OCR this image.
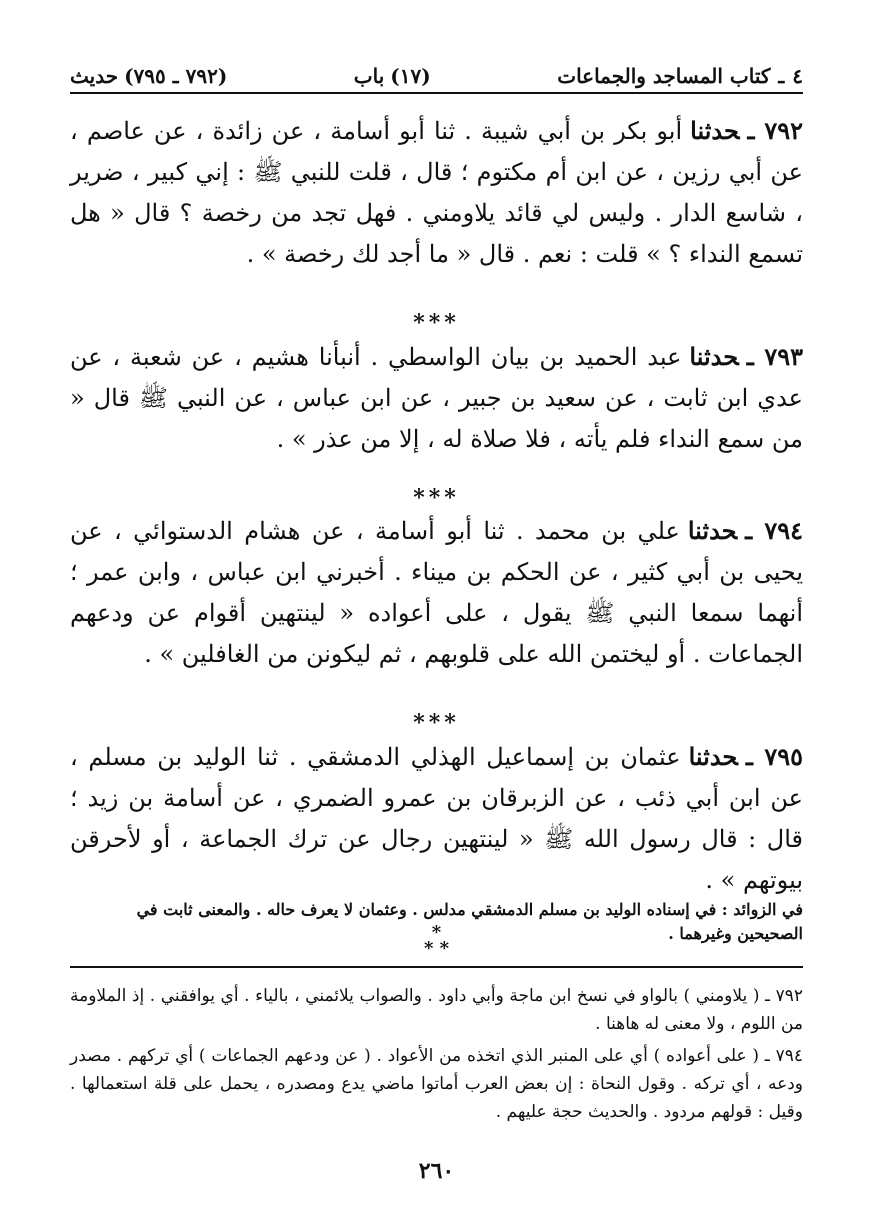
٤
ـ
كتاب المساجد والجماعات
(١٧)
باب
(٧٩٢ ـ ٧٩٥)
حديث
٧٩٢ ـحدثناأبو بكر بن أبي شيبة . ثنا أبو أسامة ، عن زائدة ، عن عاصم ، عن أبي رزين ، عن ابن أم مكتوم ؛ قال ، قلت للنبي ﷺ : إني كبير ، ضرير ، شاسع الدار . وليس لي قائد يلاومني . فهل تجد من رخصة ؟ قال « هل تسمع النداء ؟ » قلت : نعم . قال « ما أجد لك رخصة » .
***
٧٩٣ ـحدثناعبد الحميد بن بيان الواسطي . أنبأنا هشيم ، عن شعبة ، عن عدي ابن ثابت ، عن سعيد بن جبير ، عن ابن عباس ، عن النبي ﷺ قال « من سمع النداء فلم يأته ، فلا صلاة له ، إلا من عذر » .
***
٧٩٤ ـحدثناعلي بن محمد . ثنا أبو أسامة ، عن هشام الدستوائي ، عن يحيى بن أبي كثير ، عن الحكم بن ميناء . أخبرني ابن عباس ، وابن عمر ؛ أنهما سمعا النبي ﷺ يقول ، على أعواده « لينتهين أقوام عن ودعهم الجماعات . أو ليختمن الله على قلوبهم ، ثم ليكونن من الغافلين » .
***
٧٩٥ ـحدثناعثمان بن إسماعيل الهذلي الدمشقي . ثنا الوليد بن مسلم ، عن ابن أبي ذئب ، عن الزبرقان بن عمرو الضمري ، عن أسامة بن زيد ؛ قال : قال رسول الله ﷺ « لينتهين رجال عن ترك الجماعة ، أو لأحرقن بيوتهم » .
في الزوائد : في إسناده الوليد بن مسلم الدمشقي مدلس . وعثمان لا يعرف حاله . والمعنى ثابت في الصحيحين وغيرهما .
*
* *

٧٩٢ ـ ( يلاومني ) بالواو في نسخ ابن ماجة وأبي داود . والصواب يلائمني ، بالياء . أي يوافقني . إذ الملاومة من اللوم ، ولا معنى له هاهنا .

٧٩٤ ـ ( على أعواده ) أي على المنبر الذي اتخذه من الأعواد . ( عن ودعهم الجماعات ) أي تركهم . مصدر ودعه ، أي تركه . وقول النحاة : إن بعض العرب أماتوا ماضي يدع ومصدره ، يحمل على قلة استعمالها . وقيل : قولهم مردود . والحديث حجة عليهم .

٢٦٠
